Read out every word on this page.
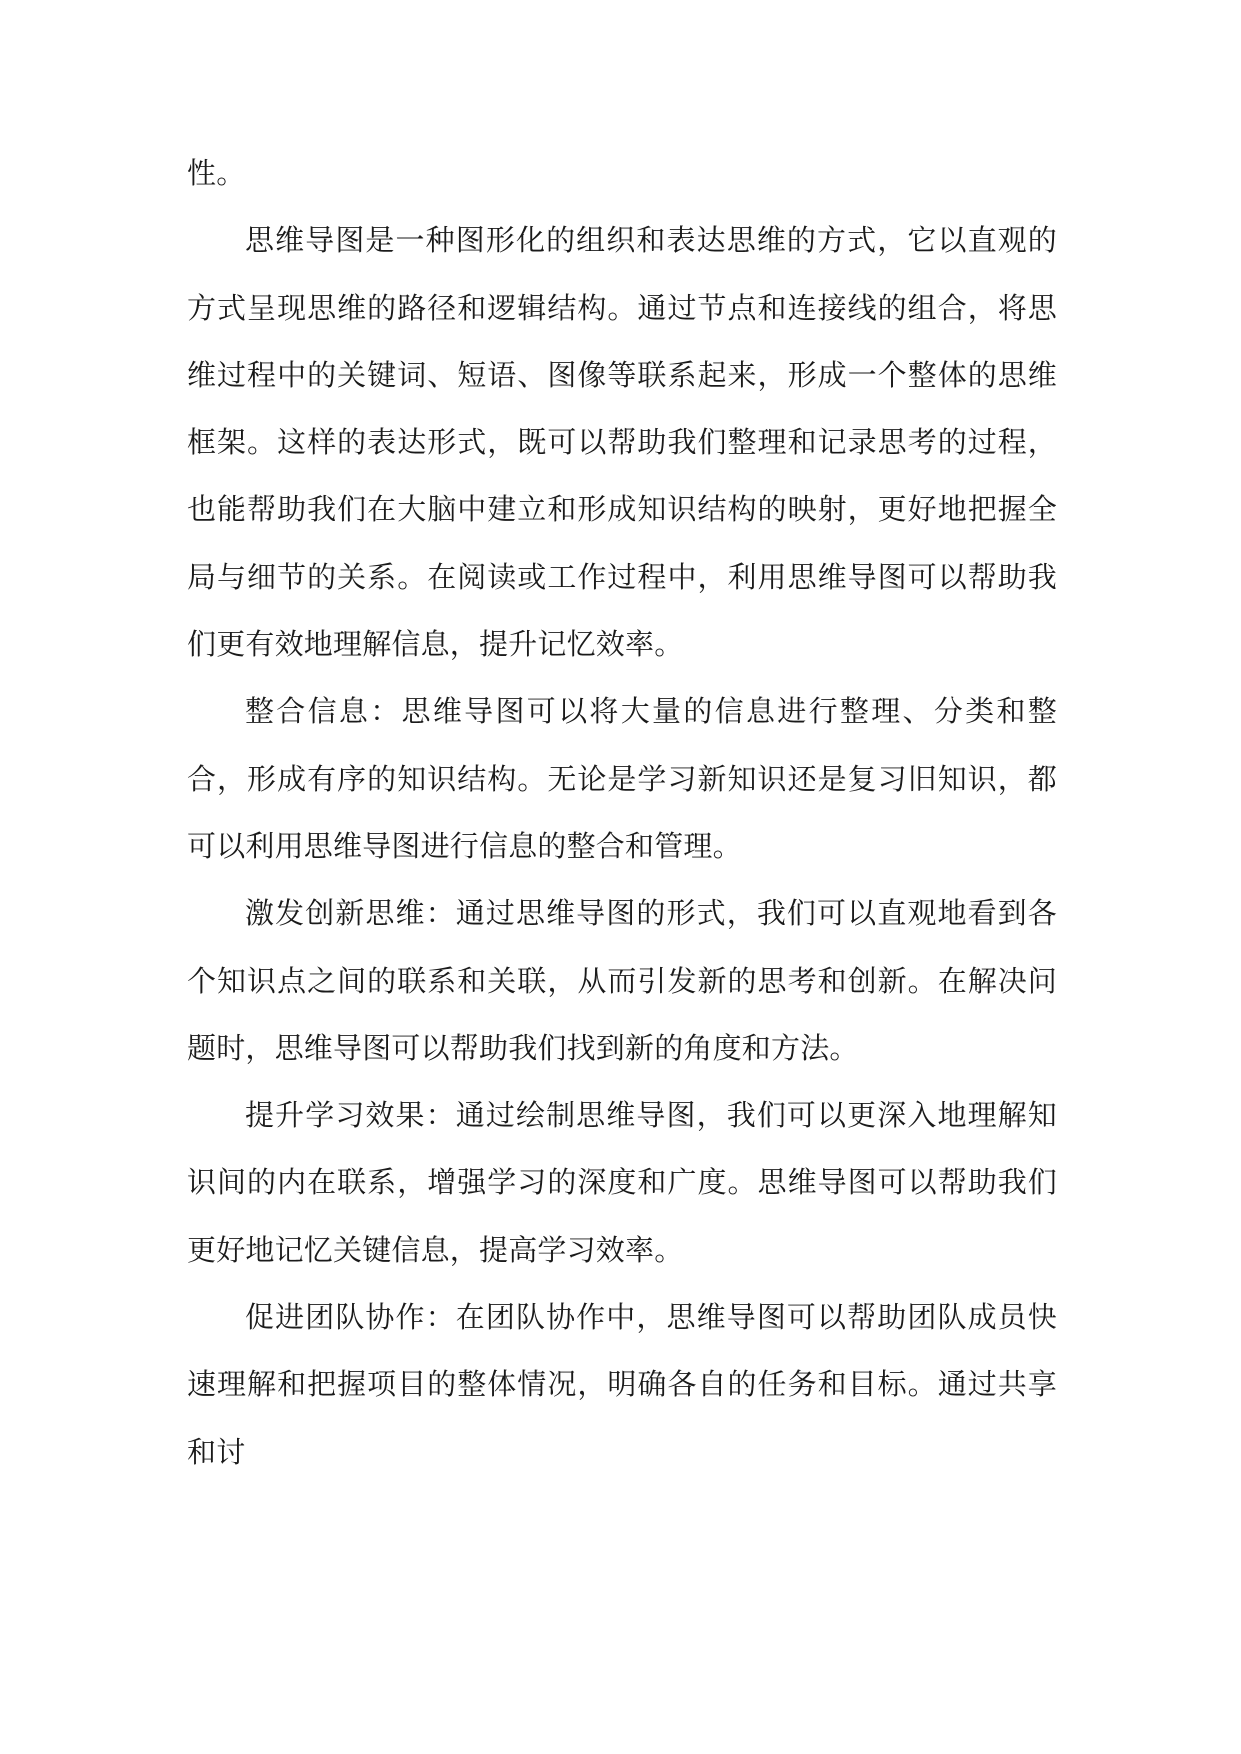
性。

思维导图是一种图形化的组织和表达思维的方式，它以直观的方式呈现思维的路径和逻辑结构。通过节点和连接线的组合，将思维过程中的关键词、短语、图像等联系起来，形成一个整体的思维框架。这样的表达形式，既可以帮助我们整理和记录思考的过程，也能帮助我们在大脑中建立和形成知识结构的映射，更好地把握全局与细节的关系。在阅读或工作过程中，利用思维导图可以帮助我们更有效地理解信息，提升记忆效率。

整合信息：思维导图可以将大量的信息进行整理、分类和整合，形成有序的知识结构。无论是学习新知识还是复习旧知识，都可以利用思维导图进行信息的整合和管理。

激发创新思维：通过思维导图的形式，我们可以直观地看到各个知识点之间的联系和关联，从而引发新的思考和创新。在解决问题时，思维导图可以帮助我们找到新的角度和方法。

提升学习效果：通过绘制思维导图，我们可以更深入地理解知识间的内在联系，增强学习的深度和广度。思维导图可以帮助我们更好地记忆关键信息，提高学习效率。

促进团队协作：在团队协作中，思维导图可以帮助团队成员快速理解和把握项目的整体情况，明确各自的任务和目标。通过共享和讨
